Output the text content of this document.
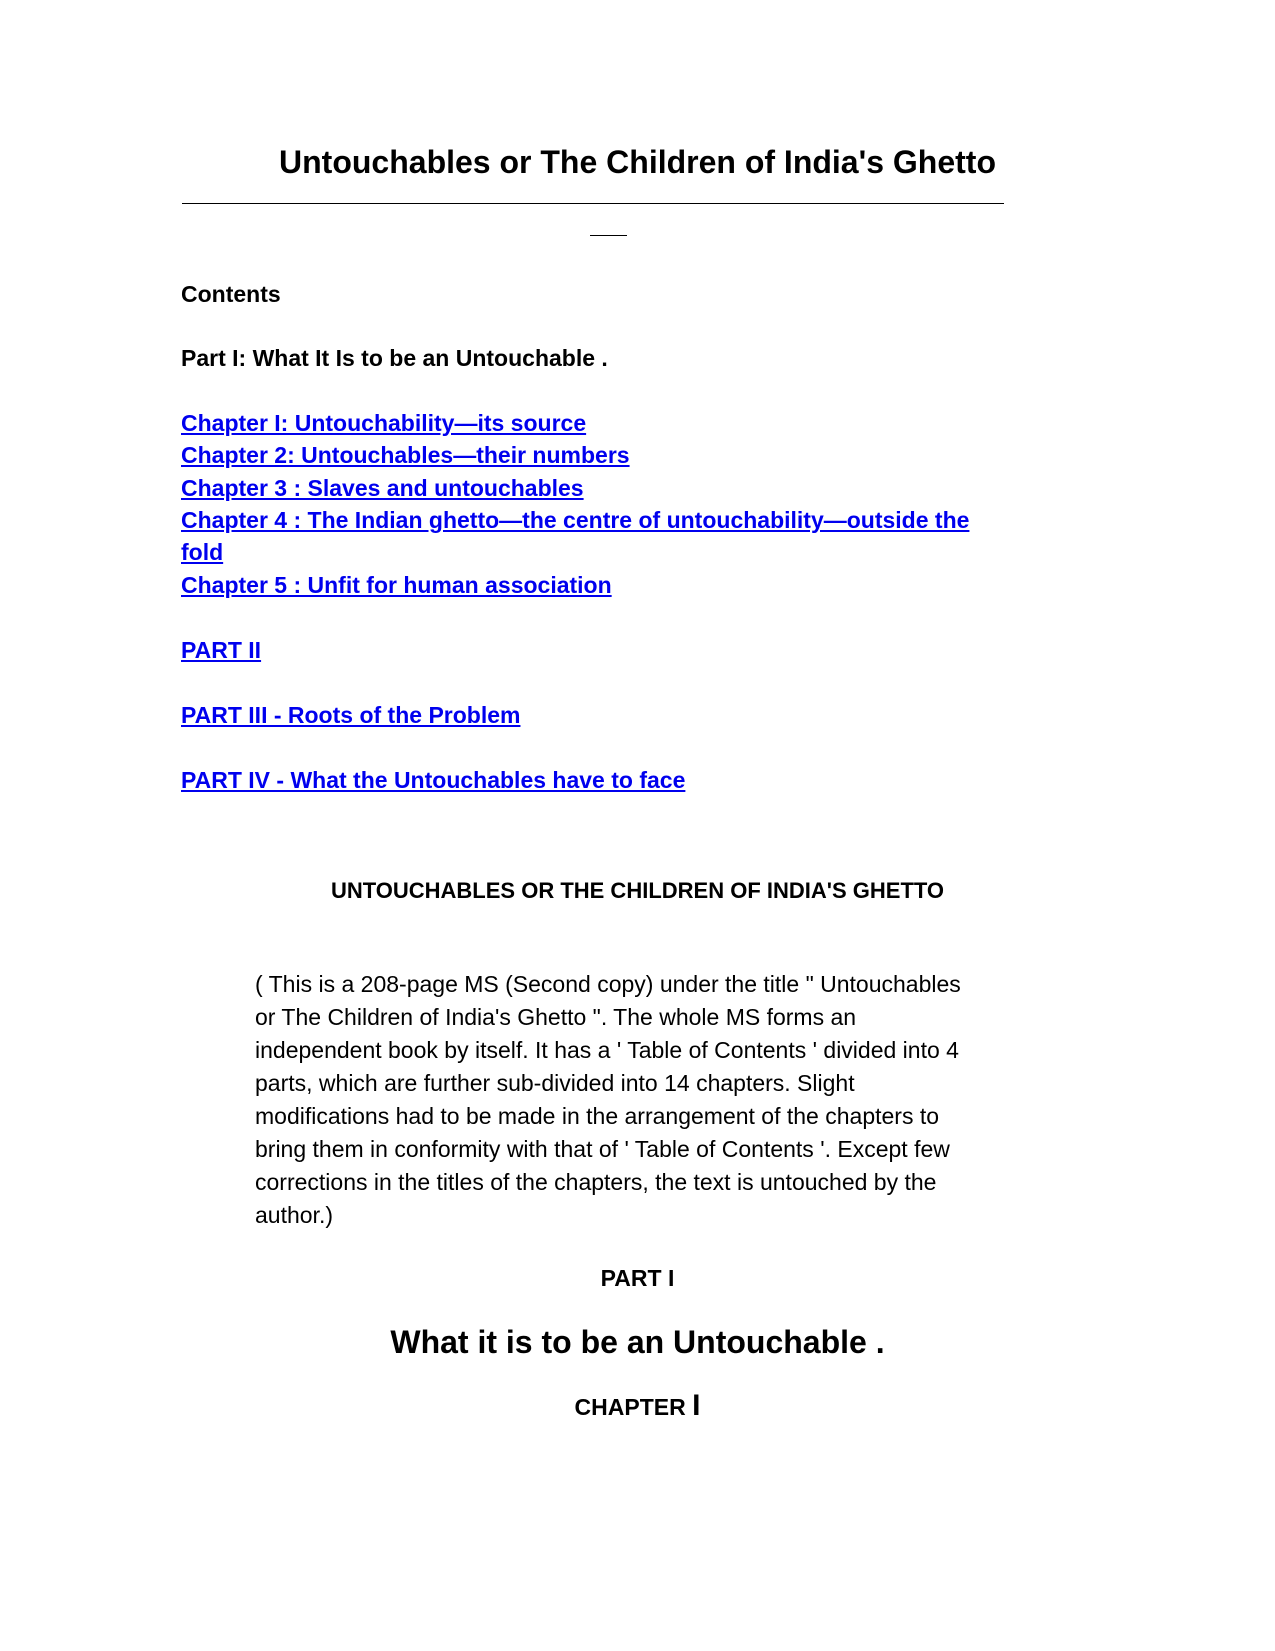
Untouchables or The Children of India's Ghetto
Contents
Part I: What It Is to be an Untouchable .
Chapter I: Untouchability—its source
Chapter 2: Untouchables—their numbers
Chapter 3 : Slaves and untouchables
Chapter 4 : The Indian ghetto—the centre of untouchability—outside the
fold
Chapter 5 : Unfit for human association
PART II
PART III - Roots of the Problem
PART IV - What the Untouchables have to face
UNTOUCHABLES OR THE CHILDREN OF INDIA'S GHETTO
( This is a 208-page MS (Second copy) under the title " Untouchables
or The Children of India's Ghetto ". The whole MS forms an
independent book by itself. It has a ' Table of Contents ' divided into 4
parts, which are further sub-divided into 14 chapters. Slight
modifications had to be made in the arrangement of the chapters to
bring them in conformity with that of ' Table of Contents '. Except few
corrections in the titles of the chapters, the text is untouched by the
author.)
PART I
What it is to be an Untouchable .
CHAPTER I
